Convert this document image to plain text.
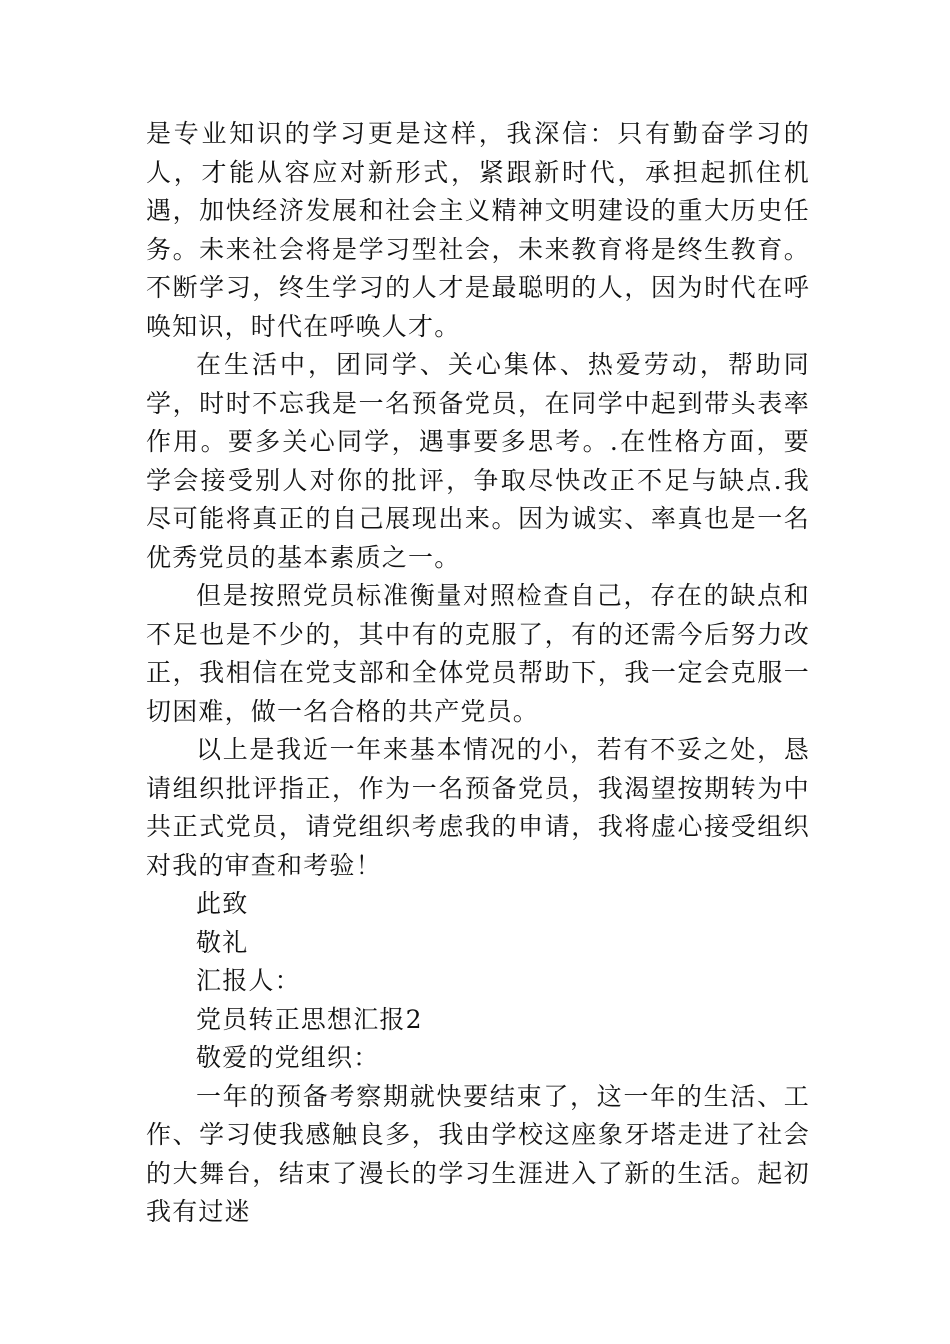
是专业知识的学习更是这样，我深信：只有勤奋学习的人，才能从容应对新形式，紧跟新时代，承担起抓住机遇，加快经济发展和社会主义精神文明建设的重大历史任务。未来社会将是学习型社会，未来教育将是终生教育。不断学习，终生学习的人才是最聪明的人，因为时代在呼唤知识，时代在呼唤人才。

在生活中，团同学、关心集体、热爱劳动，帮助同学，时时不忘我是一名预备党员，在同学中起到带头表率作用。要多关心同学，遇事要多思考。.在性格方面，要学会接受别人对你的批评，争取尽快改正不足与缺点.我尽可能将真正的自己展现出来。因为诚实、率真也是一名优秀党员的基本素质之一。

但是按照党员标准衡量对照检查自己，存在的缺点和不足也是不少的，其中有的克服了，有的还需今后努力改正，我相信在党支部和全体党员帮助下，我一定会克服一切困难，做一名合格的共产党员。

以上是我近一年来基本情况的小，若有不妥之处，恳请组织批评指正，作为一名预备党员，我渴望按期转为中共正式党员，请党组织考虑我的申请，我将虚心接受组织对我的审查和考验！

此致

敬礼

汇报人：

党员转正思想汇报2

敬爱的党组织：

一年的预备考察期就快要结束了，这一年的生活、工作、学习使我感触良多，我由学校这座象牙塔走进了社会的大舞台，结束了漫长的学习生涯进入了新的生活。起初我有过迷
